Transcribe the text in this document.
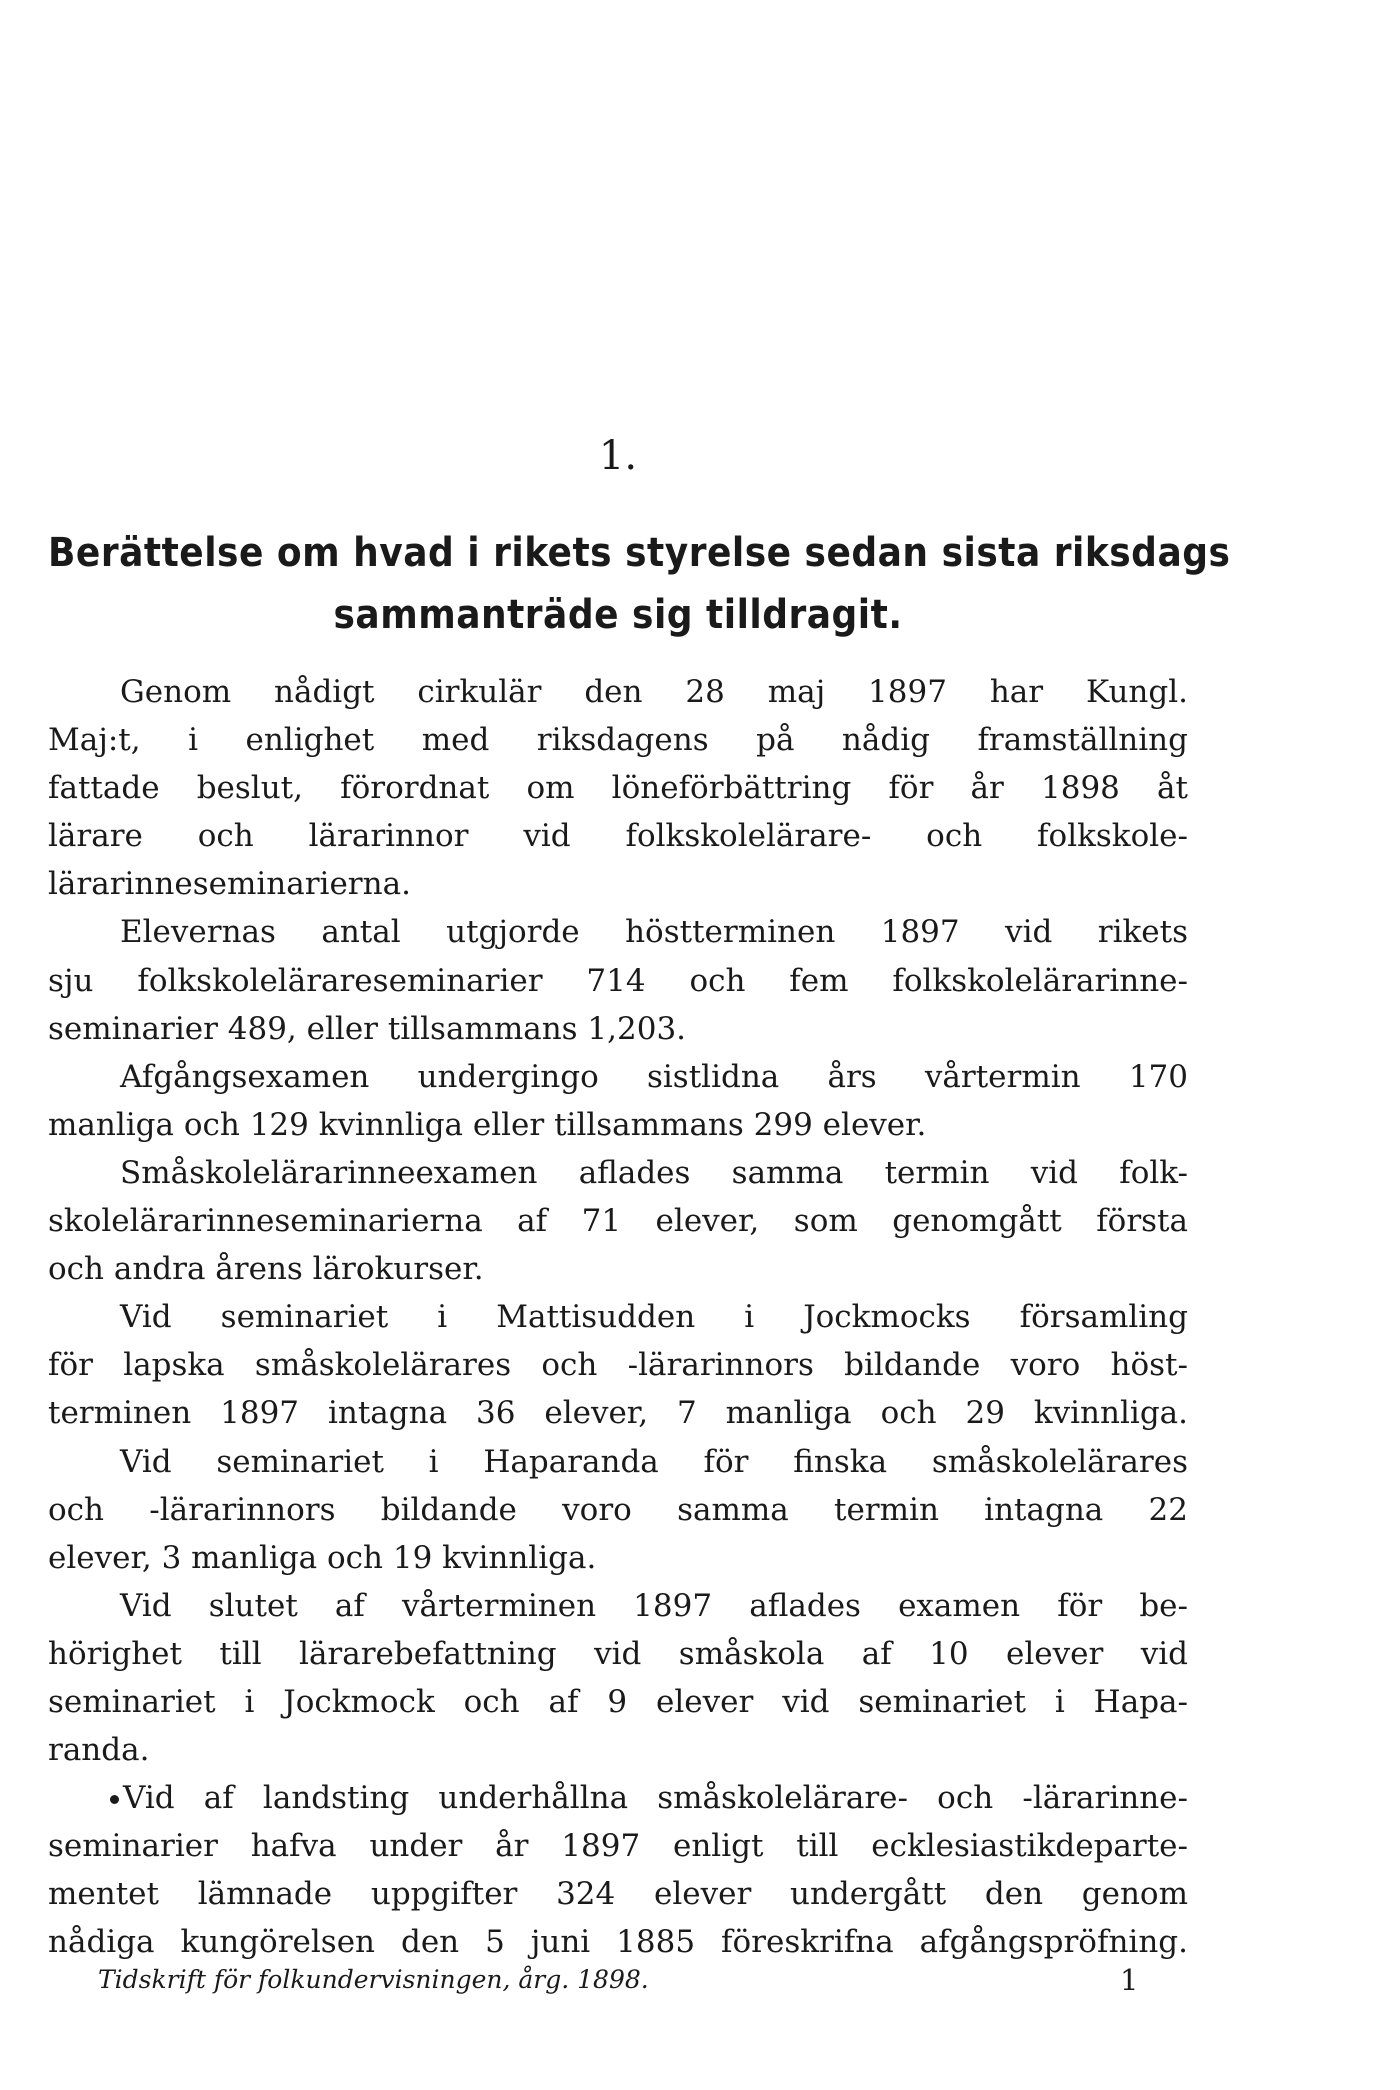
1.
Berättelse om hvad i rikets styrelse sedan sista riksdags
sammanträde sig tilldragit.

Genom nådigt cirkulär den 28 maj 1897 har Kungl.
Maj:t, i enlighet med riksdagens på nådig framställning
fattade beslut, förordnat om löneförbättring för år 1898 åt
lärare och lärarinnor vid folkskolelärare- och folkskole-
lärarinneseminarierna.

Elevernas antal utgjorde höstterminen 1897 vid rikets
sju folkskolelärareseminarier 714 och fem folkskolelärarinne-
seminarier 489, eller tillsammans 1,203.

Afgångsexamen undergingo sistlidna års vårtermin 170
manliga och 129 kvinnliga eller tillsammans 299 elever.

Småskolelärarinneexamen aflades samma termin vid folk-
skolelärarinneseminarierna af 71 elever, som genomgått första
och andra årens lärokurser.

Vid seminariet i Mattisudden i Jockmocks församling
för lapska småskolelärares och -lärarinnors bildande voro höst-
terminen 1897 intagna 36 elever, 7 manliga och 29 kvinnliga.

Vid seminariet i Haparanda för finska småskolelärares
och -lärarinnors bildande voro samma termin intagna 22
elever, 3 manliga och 19 kvinnliga.

Vid slutet af vårterminen 1897 aflades examen för be-
hörighet till lärarebefattning vid småskola af 10 elever vid
seminariet i Jockmock och af 9 elever vid seminariet i Hapa-
randa.

Vid af landsting underhållna småskolelärare- och -lärarinne-
seminarier hafva under år 1897 enligt till ecklesiastikdeparte-
mentet lämnade uppgifter 324 elever undergått den genom
nådiga kungörelsen den 5 juni 1885 föreskrifna afgångspröfning.

Tidskrift för folkundervisningen, årg. 1898.	1
